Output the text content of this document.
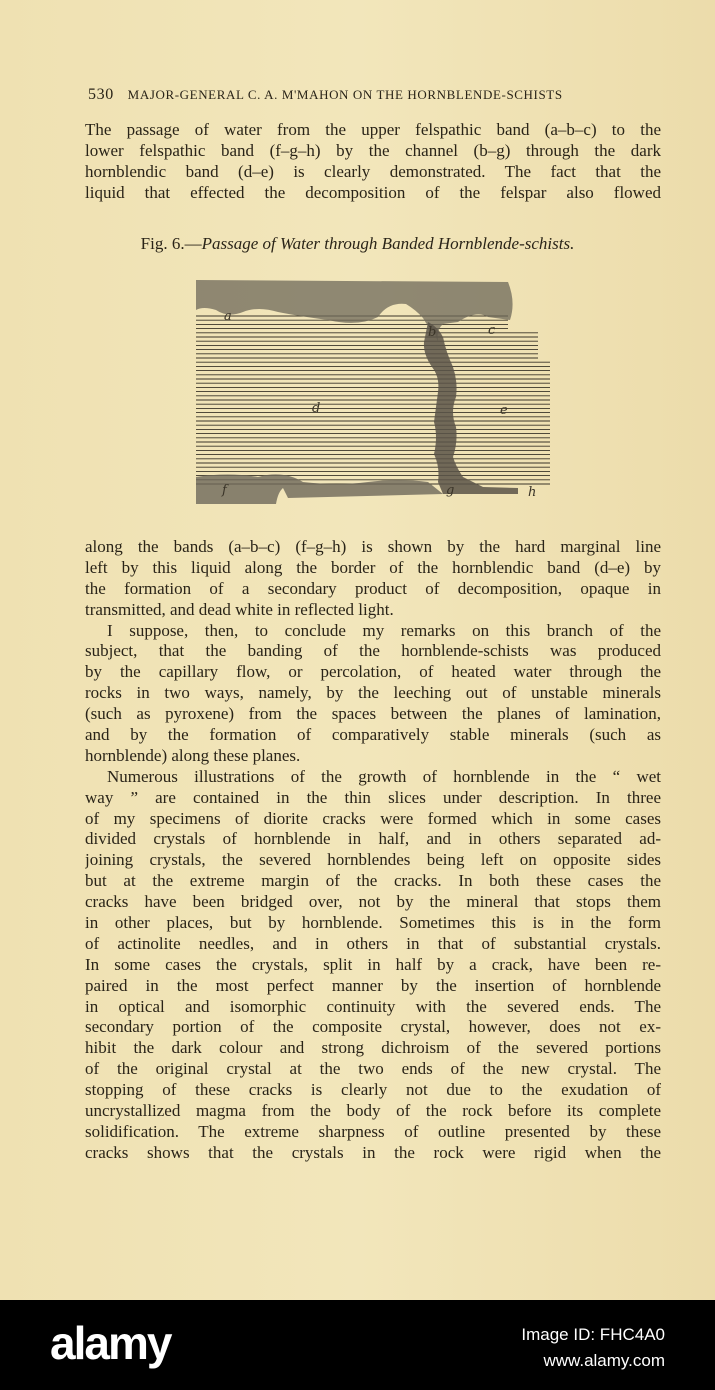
530 MAJOR-GENERAL C. A. M'MAHON ON THE HORNBLENDE-SCHISTS
The passage of water from the upper felspathic band (a–b–c) to the
lower felspathic band (f–g–h) by the channel (b–g) through the dark
hornblendic band (d–e) is clearly demonstrated. The fact that the
liquid that effected the decomposition of the felspar also flowed
Fig. 6.—Passage of Water through Banded Hornblende-schists.
a
b	c
d	e
f	g	h
along the bands (a–b–c) (f–g–h) is shown by the hard marginal line
left by this liquid along the border of the hornblendic band (d–e) by
the formation of a secondary product of decomposition, opaque in
transmitted, and dead white in reflected light.
I suppose, then, to conclude my remarks on this branch of the
subject, that the banding of the hornblende-schists was produced
by the capillary flow, or percolation, of heated water through the
rocks in two ways, namely, by the leeching out of unstable minerals
(such as pyroxene) from the spaces between the planes of lamination,
and by the formation of comparatively stable minerals (such as
hornblende) along these planes.
Numerous illustrations of the growth of hornblende in the “ wet
way ” are contained in the thin slices under description. In three
of my specimens of diorite cracks were formed which in some cases
divided crystals of hornblende in half, and in others separated ad-
joining crystals, the severed hornblendes being left on opposite sides
but at the extreme margin of the cracks. In both these cases the
cracks have been bridged over, not by the mineral that stops them
in other places, but by hornblende. Sometimes this is in the form
of actinolite needles, and in others in that of substantial crystals.
In some cases the crystals, split in half by a crack, have been re-
paired in the most perfect manner by the insertion of hornblende
in optical and isomorphic continuity with the severed ends. The
secondary portion of the composite crystal, however, does not ex-
hibit the dark colour and strong dichroism of the severed portions
of the original crystal at the two ends of the new crystal. The
stopping of these cracks is clearly not due to the exudation of
uncrystallized magma from the body of the rock before its complete
solidification. The extreme sharpness of outline presented by these
cracks shows that the crystals in the rock were rigid when the
alamy	Image ID: FHC4A0
www.alamy.com
